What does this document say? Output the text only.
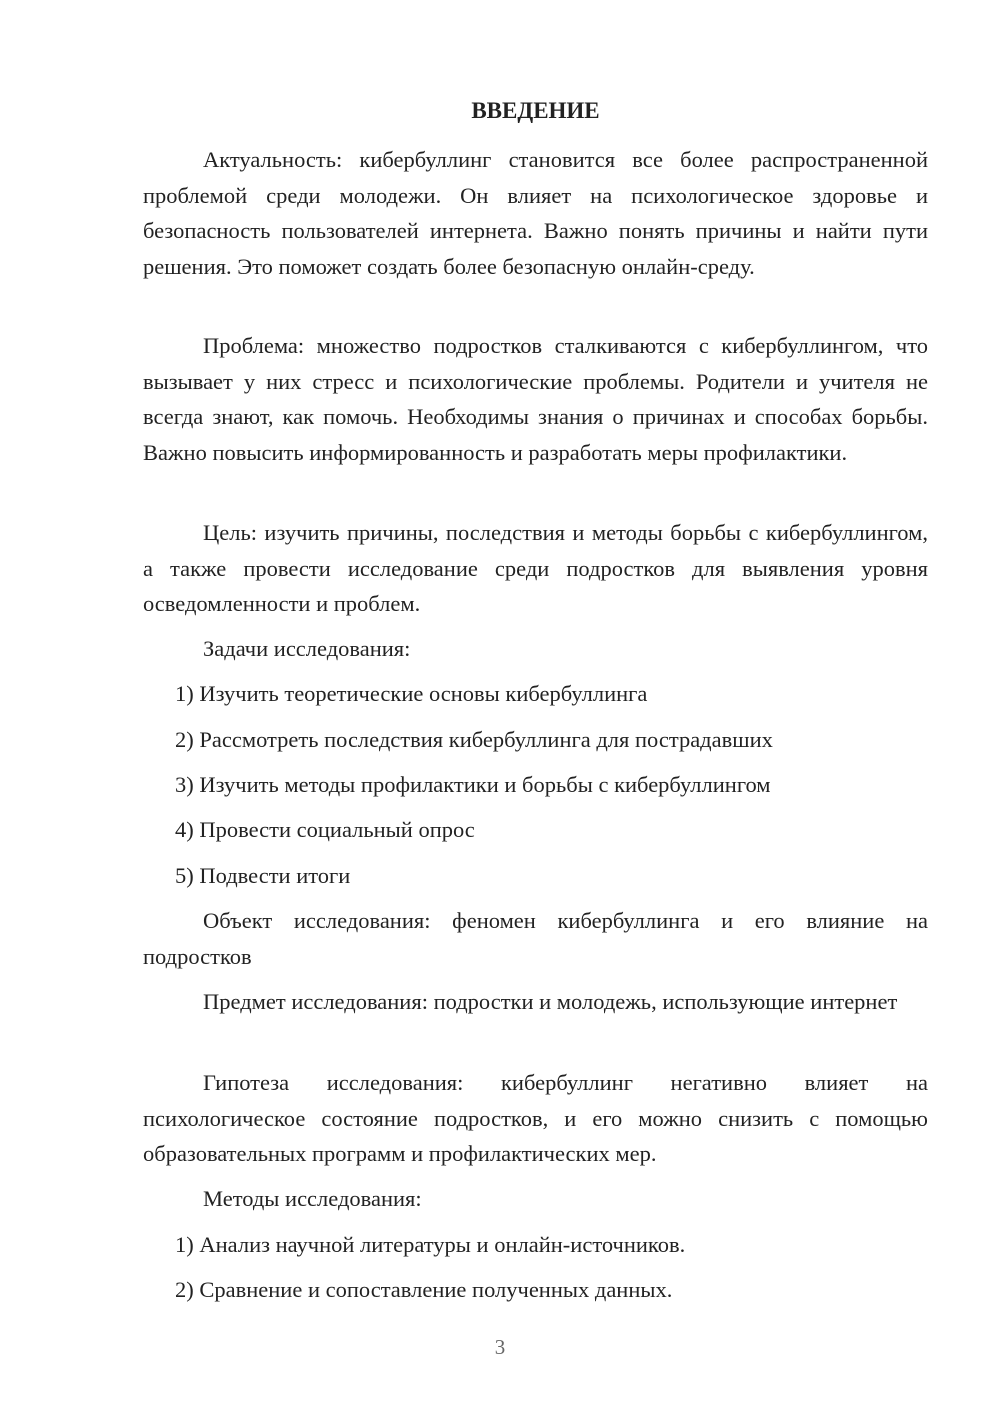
ВВЕДЕНИЕ

Актуальность: кибербуллинг становится все более распространенной проблемой среди молодежи. Он влияет на психологическое здоровье и безопасность пользователей интернета. Важно понять причины и найти пути решения. Это поможет создать более безопасную онлайн-среду.

Проблема: множество подростков сталкиваются с кибербуллингом, что вызывает у них стресс и психологические проблемы. Родители и учителя не всегда знают, как помочь. Необходимы знания о причинах и способах борьбы. Важно повысить информированность и разработать меры профилактики.

Цель: изучить причины, последствия и методы борьбы с кибербуллингом, а также провести исследование среди подростков для выявления уровня осведомленности и проблем.

Задачи исследования:

1) Изучить теоретические основы кибербуллинга

2) Рассмотреть последствия кибербуллинга для пострадавших

3) Изучить методы профилактики и борьбы с кибербуллингом

4) Провести социальный опрос

5) Подвести итоги

Объект исследования: феномен кибербуллинга и его влияние на подростков

Предмет исследования: подростки и молодежь, использующие интернет

Гипотеза исследования: кибербуллинг негативно влияет на психологическое состояние подростков, и его можно снизить с помощью образовательных программ и профилактических мер.

Методы исследования:

1) Анализ научной литературы и онлайн-источников.

2) Сравнение и сопоставление полученных данных.

3
